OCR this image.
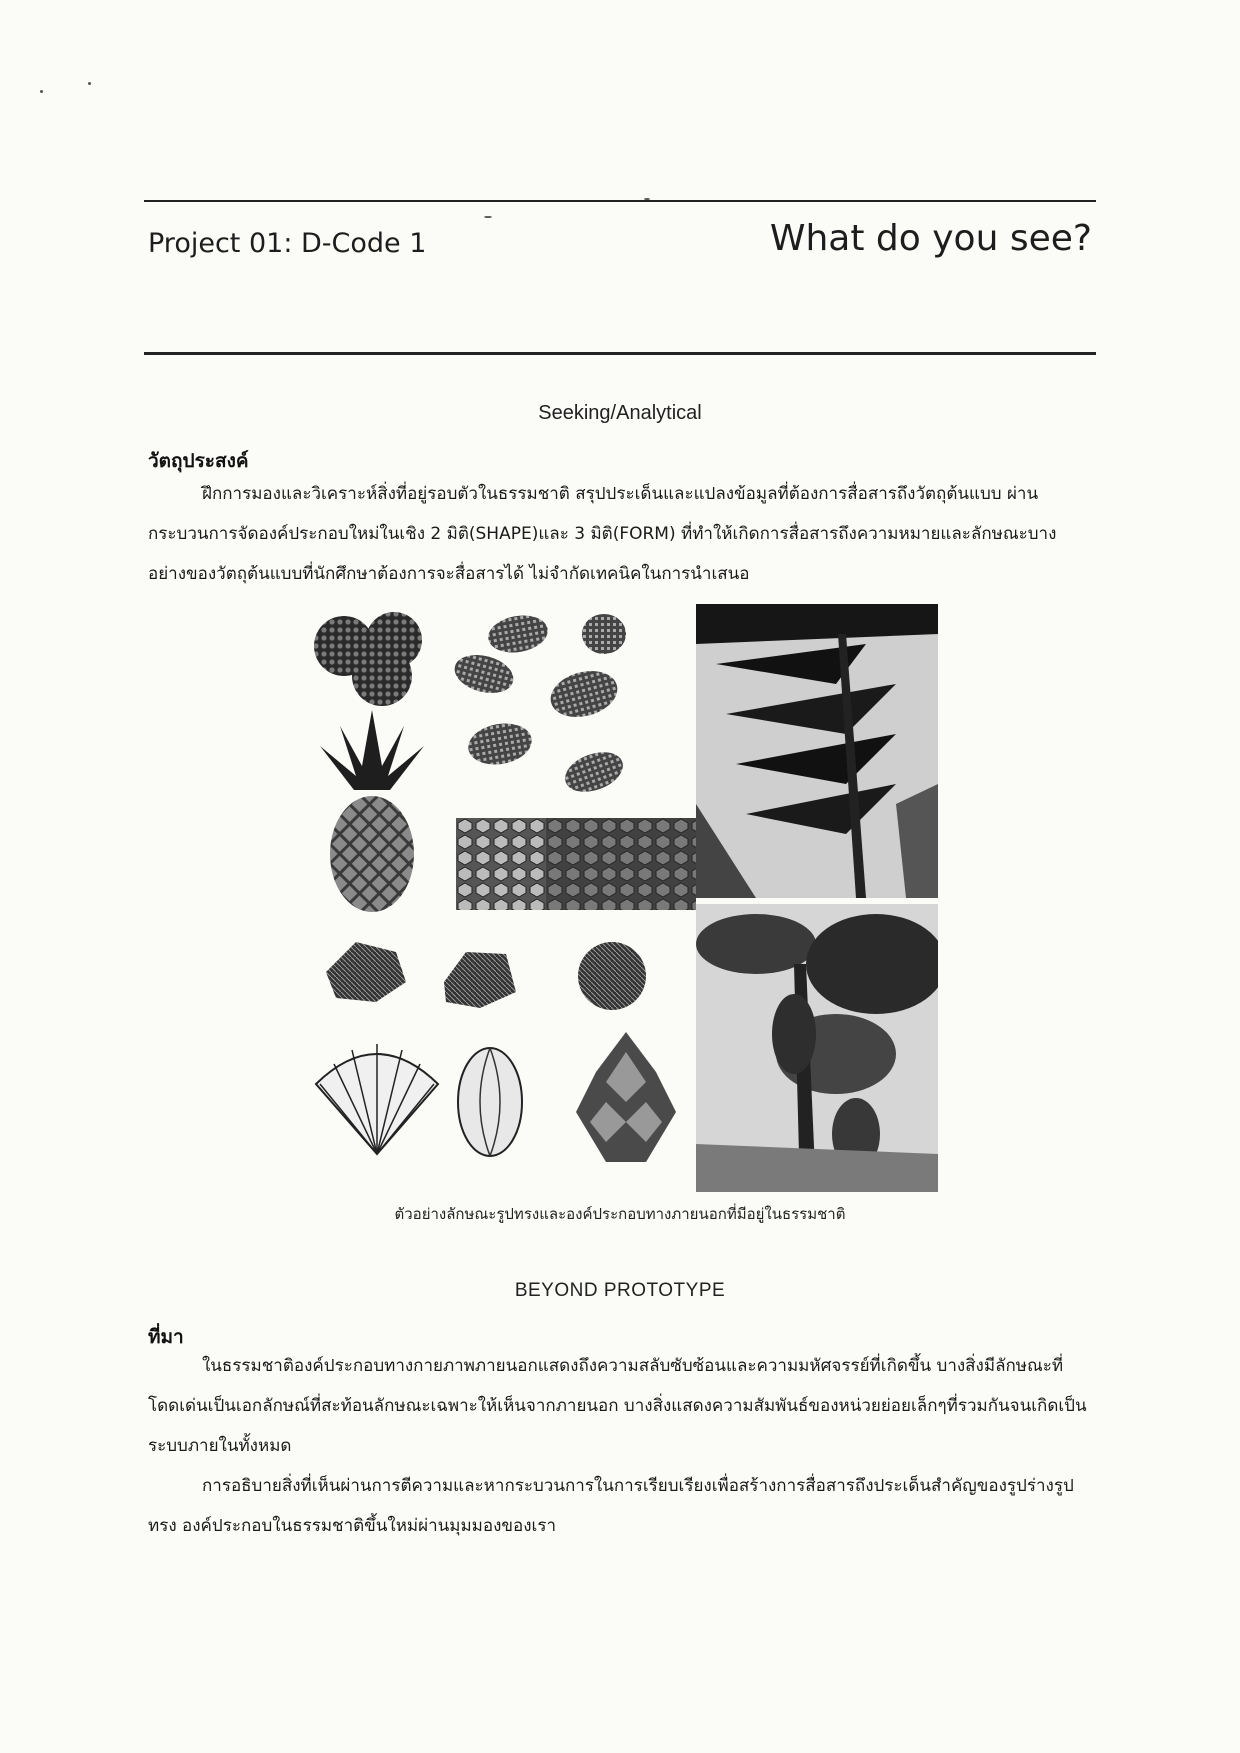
Project 01: D-Code 1	What do you see?
Seeking/Analytical
วัตถุประสงค์
ฝึกการมองและวิเคราะห์สิ่งที่อยู่รอบตัวในธรรมชาติ สรุปประเด็นและแปลงข้อมูลที่ต้องการสื่อสารถึงวัตถุต้นแบบ ผ่านกระบวนการจัดองค์ประกอบใหม่ในเชิง 2 มิติ(SHAPE)และ 3 มิติ(FORM) ที่ทำให้เกิดการสื่อสารถึงความหมายและลักษณะบางอย่างของวัตถุต้นแบบที่นักศึกษาต้องการจะสื่อสารได้ ไม่จำกัดเทคนิคในการนำเสนอ
ตัวอย่างลักษณะรูปทรงและองค์ประกอบทางภายนอกที่มีอยู่ในธรรมชาติ
BEYOND PROTOTYPE
ที่มา
ในธรรมชาติองค์ประกอบทางกายภาพภายนอกแสดงถึงความสลับซับซ้อนและความมหัศจรรย์ที่เกิดขึ้น บางสิ่งมีลักษณะที่โดดเด่นเป็นเอกลักษณ์ที่สะท้อนลักษณะเฉพาะให้เห็นจากภายนอก บางสิ่งแสดงความสัมพันธ์ของหน่วยย่อยเล็กๆที่รวมกันจนเกิดเป็นระบบภายในทั้งหมด
การอธิบายสิ่งที่เห็นผ่านการตีความและหากระบวนการในการเรียบเรียงเพื่อสร้างการสื่อสารถึงประเด็นสำคัญของรูปร่างรูปทรง องค์ประกอบในธรรมชาติขึ้นใหม่ผ่านมุมมองของเรา
